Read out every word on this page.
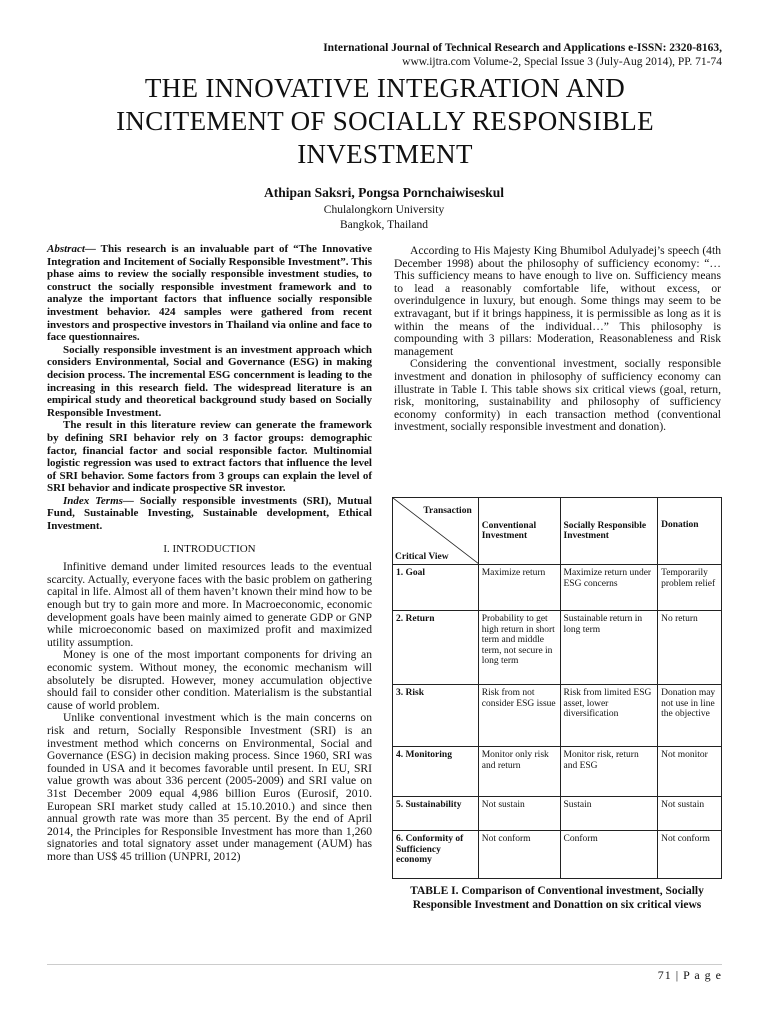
International Journal of Technical Research and Applications e-ISSN: 2320-8163,
www.ijtra.com Volume-2, Special Issue 3 (July-Aug 2014), PP. 71-74
THE INNOVATIVE INTEGRATION AND
INCITEMENT OF SOCIALLY RESPONSIBLE
INVESTMENT
Athipan Saksri, Pongsa Pornchaiwiseskul
Chulalongkorn University
Bangkok, Thailand

Abstract— This research is an invaluable part of “The Innovative Integration and Incitement of Socially Responsible Investment”. This phase aims to review the socially responsible investment studies, to construct the socially responsible investment framework and to analyze the important factors that influence socially responsible investment behavior. 424 samples were gathered from recent investors and prospective investors in Thailand via online and face to face questionnaires.

Socially responsible investment is an investment approach which considers Environmental, Social and Governance (ESG) in making decision process. The incremental ESG concernment is leading to the increasing in this research field. The widespread literature is an empirical study and theoretical background study based on Socially Responsible Investment.

The result in this literature review can generate the framework by defining SRI behavior rely on 3 factor groups: demographic factor, financial factor and social responsible factor. Multinomial logistic regression was used to extract factors that influence the level of SRI behavior. Some factors from 3 groups can explain the level of SRI behavior and indicate prospective SR investor.

Index Terms— Socially responsible investments (SRI), Mutual Fund, Sustainable Investing, Sustainable development, Ethical Investment.

I. INTRODUCTION

Infinitive demand under limited resources leads to the eventual scarcity. Actually, everyone faces with the basic problem on gathering capital in life. Almost all of them haven’t known their mind how to be enough but try to gain more and more. In Macroeconomic, economic development goals have been mainly aimed to generate GDP or GNP while microeconomic based on maximized profit and maximized utility assumption.

Money is one of the most important components for driving an economic system. Without money, the economic mechanism will absolutely be disrupted. However, money accumulation objective should fail to consider other condition. Materialism is the substantial cause of world problem.

Unlike conventional investment which is the main concerns on risk and return, Socially Responsible Investment (SRI) is an investment method which concerns on Environmental, Social and Governance (ESG) in decision making process. Since 1960, SRI was founded in USA and it becomes favorable until present. In EU, SRI value growth was about 336 percent (2005-2009) and SRI value on 31st December 2009 equal 4,986 billion Euros (Eurosif, 2010. European SRI market study called at 15.10.2010.) and since then annual growth rate was more than 35 percent. By the end of April 2014, the Principles for Responsible Investment has more than 1,260 signatories and total signatory asset under management (AUM) has more than US$ 45 trillion (UNPRI, 2012)

According to His Majesty King Bhumibol Adulyadej’s speech (4th December 1998) about the philosophy of sufficiency economy: “…This sufficiency means to have enough to live on. Sufficiency means to lead a reasonably comfortable life, without excess, or overindulgence in luxury, but enough. Some things may seem to be extravagant, but if it brings happiness, it is permissible as long as it is within the means of the individual…” This philosophy is compounding with 3 pillars: Moderation, Reasonableness and Risk management

Considering the conventional investment, socially responsible investment and donation in philosophy of sufficiency economy can illustrate in Table I. This table shows six critical views (goal, return, risk, monitoring, sustainability and philosophy of sufficiency economy conformity) in each transaction method (conventional investment, socially responsible investment and donation).

Transaction
Critical View	Conventional Investment	Socially Responsible Investment	Donation
1. Goal	Maximize return	Maximize return under ESG concerns	Temporarily problem relief
2. Return	Probability to get high return in short term and middle term, not secure in long term	Sustainable return in long term	No return
3. Risk	Risk from not consider ESG issue	Risk from limited ESG asset, lower diversification	Donation may not use in line the objective
4. Monitoring	Monitor only risk and return	Monitor risk, return and ESG	Not monitor
5. Sustainability	Not sustain	Sustain	Not sustain
6. Conformity of Sufficiency economy	Not conform	Conform	Not conform
TABLE I. Comparison of Conventional investment, Socially Responsible Investment and Donattion on six critical views
71 | P a g e
